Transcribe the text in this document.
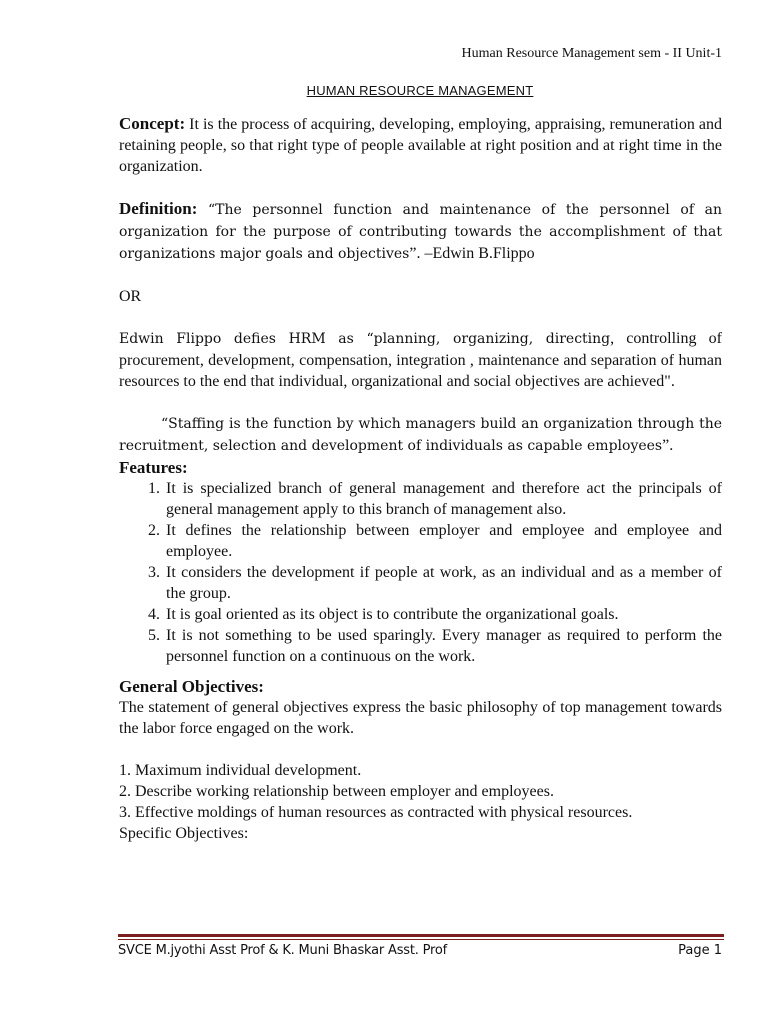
Human Resource Management sem - II Unit-1
HUMAN RESOURCE MANAGEMENT

Concept: It is the process of acquiring, developing, employing, appraising, remuneration and retaining people, so that right type of people available at right position and at right time in the organization.

Definition: “The personnel function and maintenance of the personnel of an organization for the purpose of contributing towards the accomplishment of that organizations major goals and objectives”. –Edwin B.Flippo

OR

Edwin Flippo defies HRM as “planning, organizing, directing, controlling of procurement, development, compensation, integration , maintenance and separation of human resources to the end that individual, organizational and social objectives are achieved".

“Staffing is the function by which managers build an organization through the recruitment, selection and development of individuals as capable employees”.

Features:

1. It is specialized branch of general management and therefore act the principals of general management apply to this branch of management also.
2. It defines the relationship between employer and employee and employee and employee.
3. It considers the development if people at work, as an individual and as a member of the group.
4. It is goal oriented as its object is to contribute the organizational goals.
5. It is not something to be used sparingly. Every manager as required to perform the personnel function on a continuous on the work.

General Objectives:

The statement of general objectives express the basic philosophy of top management towards the labor force engaged on the work.

1. Maximum individual development.

2. Describe working relationship between employer and employees.

3. Effective moldings of human resources as contracted with physical resources.

Specific Objectives:

SVCE M.jyothi Asst Prof & K. Muni Bhaskar Asst. Prof	Page 1
